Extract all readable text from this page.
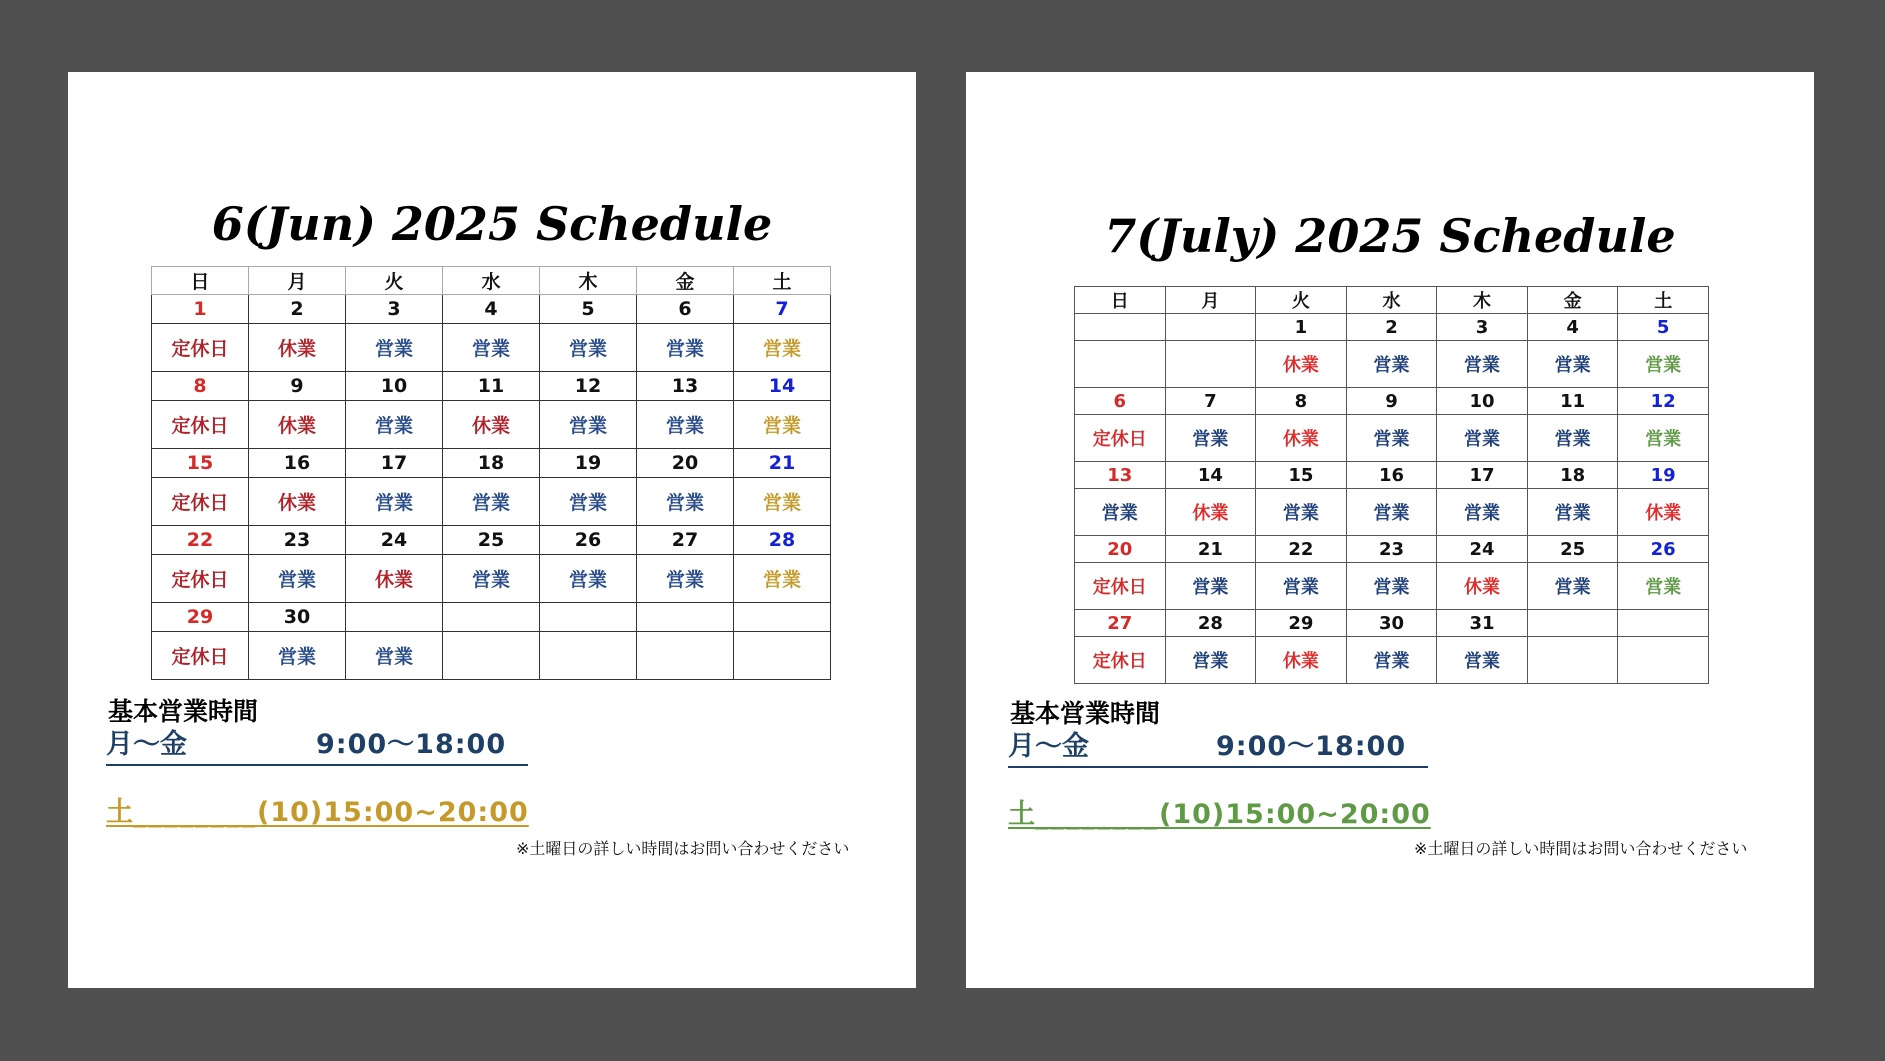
6(Jun) 2025 Schedule
日	月	火	水	木	金	土
1	2	3	4	5	6	7
定休日	休業	営業	営業	営業	営業	営業
8	9	10	11	12	13	14
定休日	休業	営業	休業	営業	営業	営業
15	16	17	18	19	20	21
定休日	休業	営業	営業	営業	営業	営業
22	23	24	25	26	27	28
定休日	営業	休業	営業	営業	営業	営業
29	30					
定休日	営業	営業				
基本営業時間
月～金	9:00～18:00
土________(10)15:00~20:00
※土曜日の詳しい時間はお問い合わせください
7(July) 2025 Schedule
日	月	火	水	木	金	土
		1	2	3	4	5
		休業	営業	営業	営業	営業
6	7	8	9	10	11	12
定休日	営業	休業	営業	営業	営業	営業
13	14	15	16	17	18	19
営業	休業	営業	営業	営業	営業	休業
20	21	22	23	24	25	26
定休日	営業	営業	営業	休業	営業	営業
27	28	29	30	31		
定休日	営業	休業	営業	営業		
基本営業時間
月～金	9:00～18:00
土________(10)15:00~20:00
※土曜日の詳しい時間はお問い合わせください
